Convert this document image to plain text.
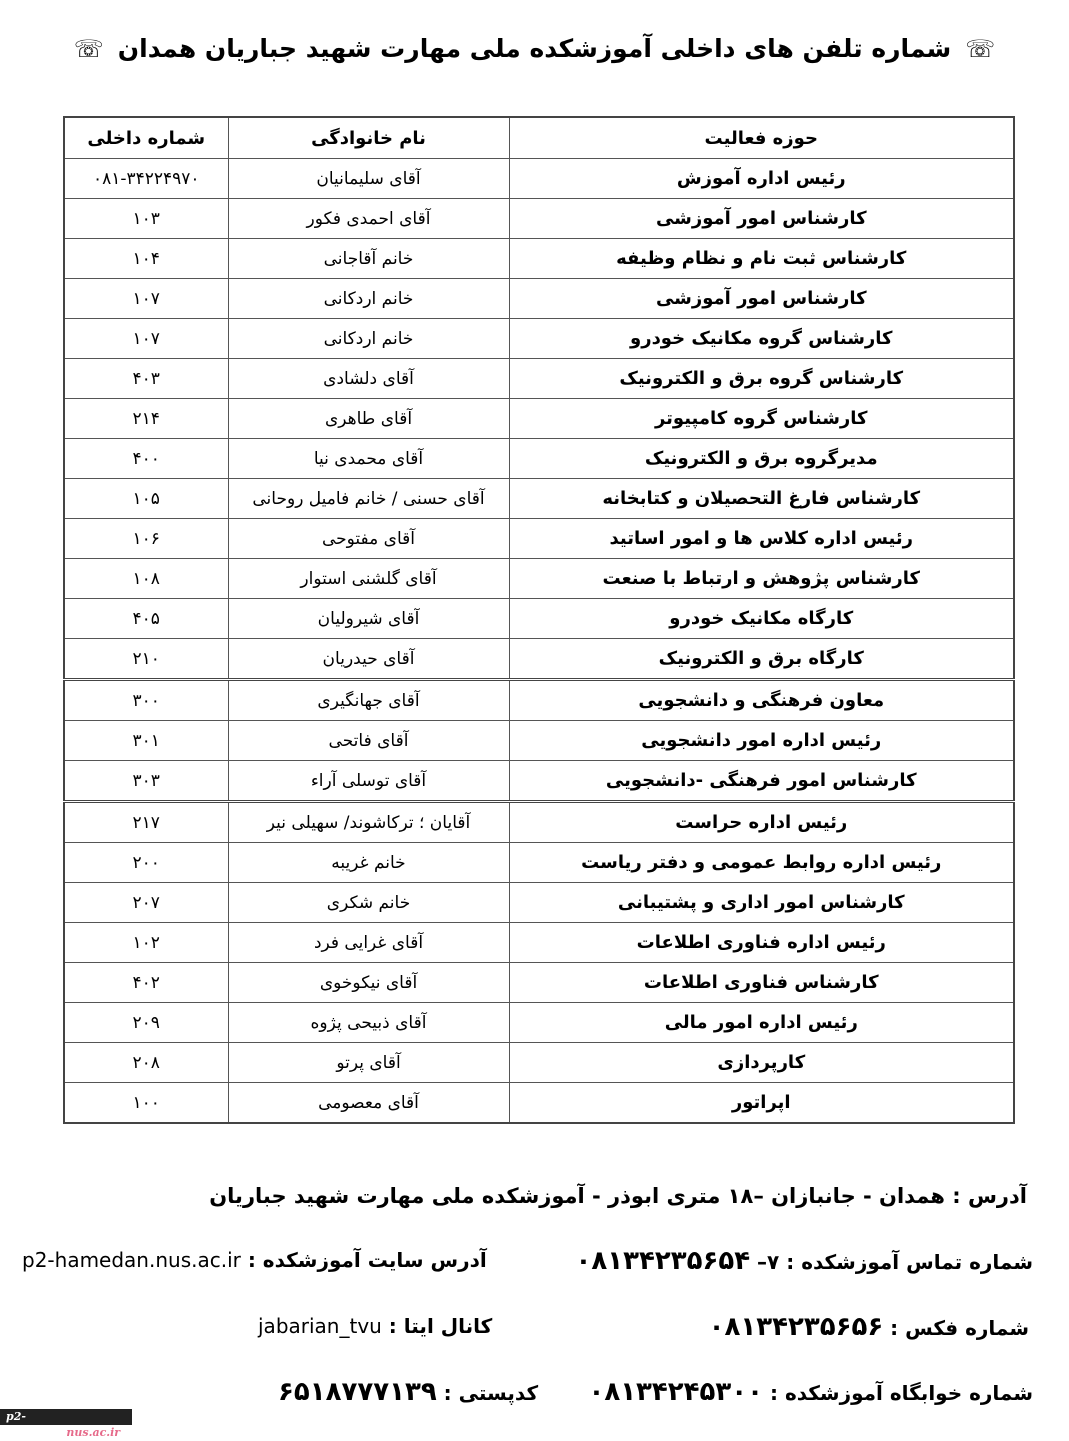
☏شماره تلفن های داخلی آموزشکده ملی مهارت شهید جباریان همدان☏
حوزه فعالیت	نام خانوادگی	شماره داخلی
رئیس اداره آموزش	آقای سلیمانیان	۰۸۱-۳۴۲۲۴۹۷۰
کارشناس امور آموزشی	آقای احمدی فکور	۱۰۳
کارشناس ثبت نام و نظام وظیفه	خانم آقاجانی	۱۰۴
کارشناس امور آموزشی	خانم اردکانی	۱۰۷
کارشناس گروه مکانیک خودرو	خانم اردکانی	۱۰۷
کارشناس گروه برق و الکترونیک	آقای دلشادی	۴۰۳
کارشناس گروه کامپیوتر	آقای طاهری	۲۱۴
مدیرگروه برق و الکترونیک	آقای محمدی نیا	۴۰۰
کارشناس فارغ التحصیلان و کتابخانه	آقای حسنی / خانم فامیل روحانی	۱۰۵
رئیس اداره کلاس ها و امور اساتید	آقای مفتوحی	۱۰۶
کارشناس پژوهش و ارتباط با صنعت	آقای گلشنی استوار	۱۰۸
کارگاه مکانیک خودرو	آقای شیرولیان	۴۰۵
کارگاه برق و الکترونیک	آقای حیدریان	۲۱۰
معاون فرهنگی و دانشجویی	آقای جهانگیری	۳۰۰
رئیس اداره امور دانشجویی	آقای فاتحی	۳۰۱
کارشناس امور فرهنگی -دانشجویی	آقای توسلی آراء	۳۰۳
رئیس اداره حراست	آقایان ؛ ترکاشوند/ سهیلی نیر	۲۱۷
رئیس اداره روابط عمومی و دفتر ریاست	خانم غریبه	۲۰۰
کارشناس امور اداری و پشتیبانی	خانم شکری	۲۰۷
رئیس اداره فناوری اطلاعات	آقای غرایی فرد	۱۰۲
کارشناس فناوری اطلاعات	آقای نیکوخوی	۴۰۲
رئیس اداره امور مالی	آقای ذبیحی پژوه	۲۰۹
کارپردازی	آقای پرتو	۲۰۸
اپراتور	آقای معصومی	۱۰۰
آدرس : همدان - جانبازان –۱۸ متری ابوذر - آموزشکده ملی مهارت شهید جباریان
شماره تماس آموزشکده : ۷– ۰۸۱۳۴۲۳۵۶۵۴
آدرس سایت آموزشکده : p2-hamedan.nus.ac.ir
شماره فکس : ۰۸۱۳۴۲۳۵۶۵۶
کانال ایتا : jabarian_tvu
شماره خوابگاه آموزشکده : ۰۸۱۳۴۲۴۵۳۰۰
کدپستی : ۶۵۱۸۷۷۷۱۳۹
p2-hamedan.nus.ac.ir
